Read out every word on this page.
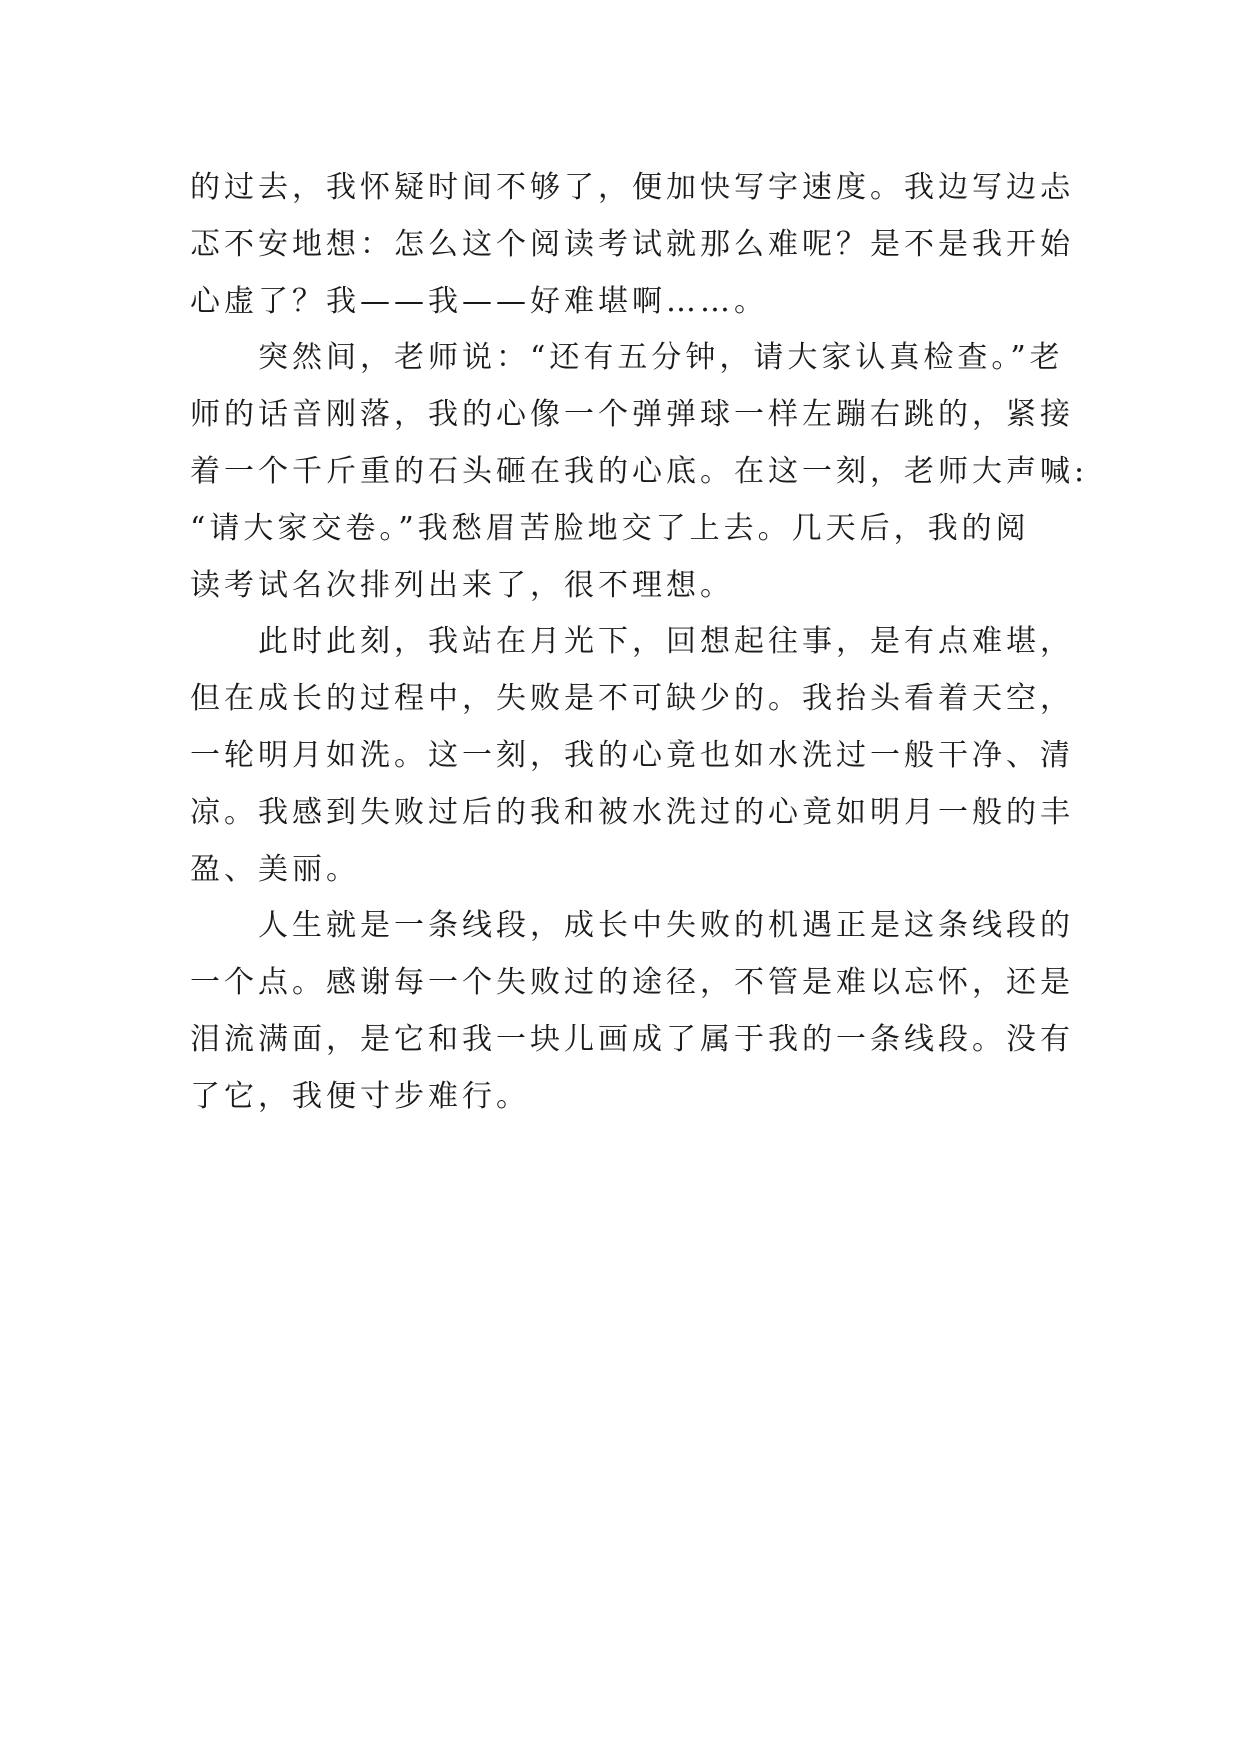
的过去，我怀疑时间不够了，便加快写字速度。我边写边忐
忑不安地想：怎么这个阅读考试就那么难呢？是不是我开始
心虚了？我——我——好难堪啊……。
　　突然间，老师说：“还有五分钟，请大家认真检查。”老
师的话音刚落，我的心像一个弹弹球一样左蹦右跳的，紧接
着一个千斤重的石头砸在我的心底。在这一刻，老师大声喊:
“请大家交卷。”我愁眉苦脸地交了上去。几天后，我的阅
读考试名次排列出来了，很不理想。
　　此时此刻，我站在月光下，回想起往事，是有点难堪，
但在成长的过程中，失败是不可缺少的。我抬头看着天空，
一轮明月如洗。这一刻，我的心竟也如水洗过一般干净、清
凉。我感到失败过后的我和被水洗过的心竟如明月一般的丰
盈、美丽。
　　人生就是一条线段，成长中失败的机遇正是这条线段的
一个点。感谢每一个失败过的途径，不管是难以忘怀，还是
泪流满面，是它和我一块儿画成了属于我的一条线段。没有
了它，我便寸步难行。
